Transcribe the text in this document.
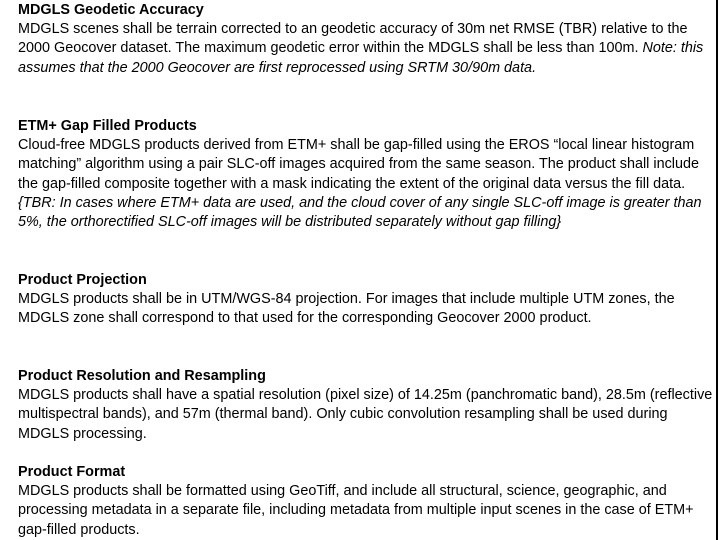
MDGLS Geodetic Accuracy

MDGLS scenes shall be terrain corrected to an geodetic accuracy of 30m net RMSE (TBR) relative to the 2000 Geocover dataset. The maximum geodetic error within the MDGLS shall be less than 100m. Note: this assumes that the 2000 Geocover are first reprocessed using SRTM 30/90m data.

ETM+ Gap Filled Products

Cloud-free MDGLS products derived from ETM+ shall be gap-filled using the EROS “local linear histogram matching” algorithm using a pair SLC-off images acquired from the same season. The product shall include the gap-filled composite together with a mask indicating the extent of the original data versus the fill data. {TBR: In cases where ETM+ data are used, and the cloud cover of any single SLC-off image is greater than 5%, the orthorectified SLC-off images will be distributed separately without gap filling}

Product Projection

MDGLS products shall be in UTM/WGS-84 projection. For images that include multiple UTM zones, the MDGLS zone shall correspond to that used for the corresponding Geocover 2000 product.

Product Resolution and Resampling

MDGLS products shall have a spatial resolution (pixel size) of 14.25m (panchromatic band), 28.5m (reflective multispectral bands), and 57m (thermal band). Only cubic convolution resampling shall be used during MDGLS processing.

Product Format

MDGLS products shall be formatted using GeoTiff, and include all structural, science, geographic, and processing metadata in a separate file, including metadata from multiple input scenes in the case of ETM+ gap-filled products.
